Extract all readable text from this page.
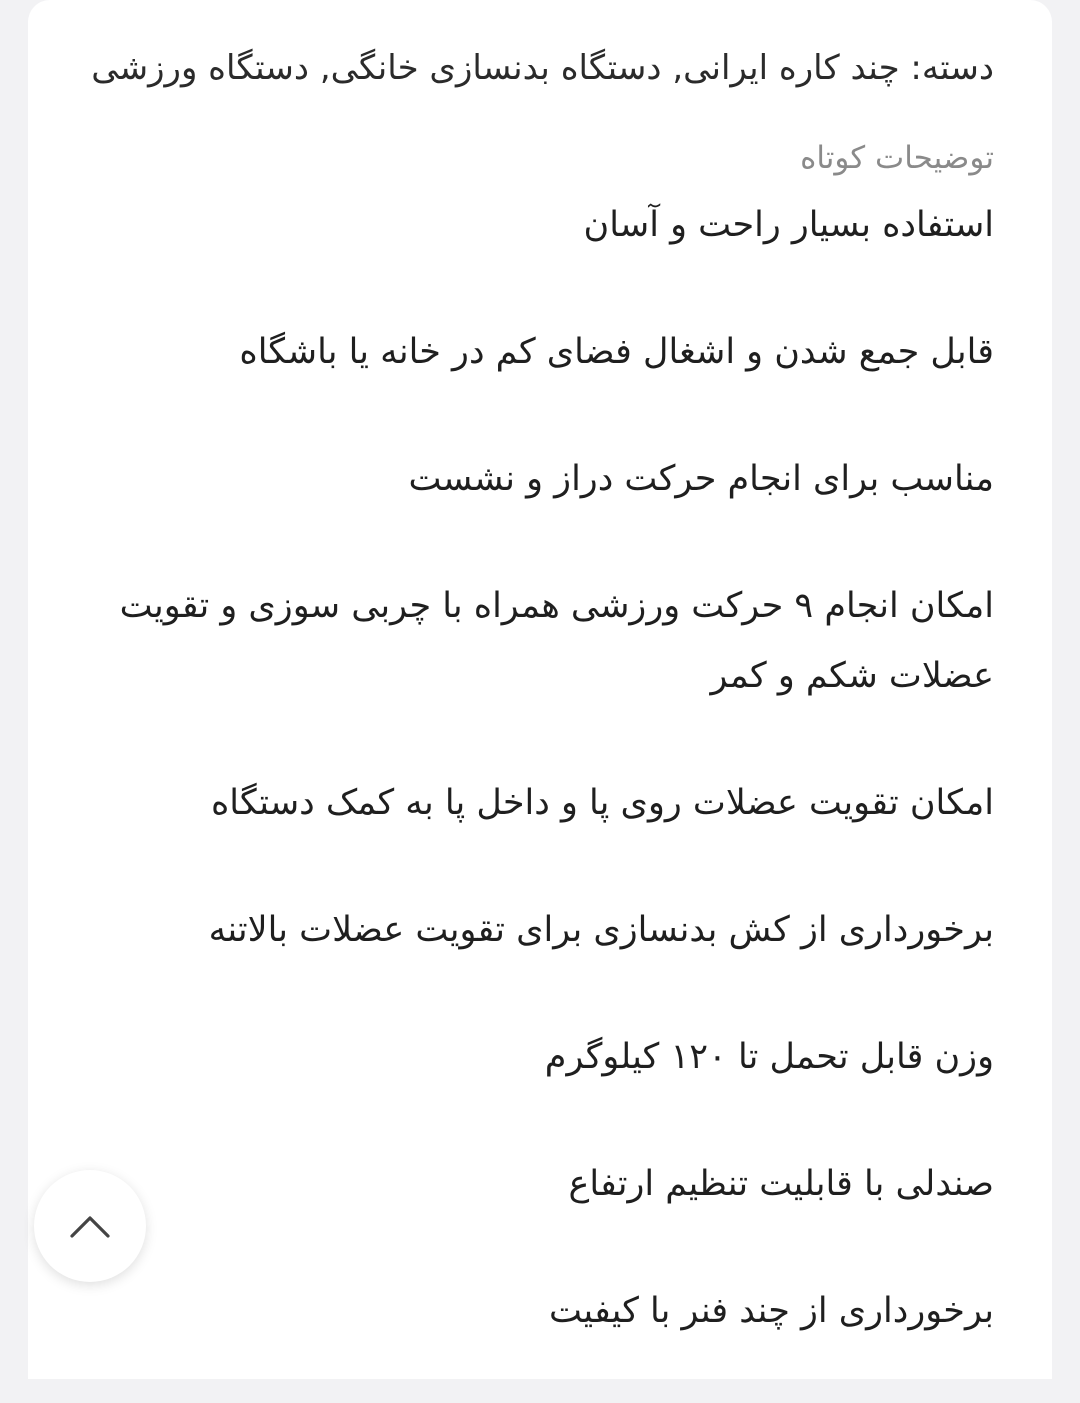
دسته: چند کاره ایرانی, دستگاه بدنسازی خانگی, دستگاه ورزشی
توضیحات کوتاه
استفاده بسیار راحت و آسان
قابل جمع شدن و اشغال فضای کم در خانه یا باشگاه
مناسب برای انجام حرکت دراز و نشست
امکان انجام ۹ حرکت ورزشی همراه با چربی سوزی و تقویت عضلات شکم و کمر
امکان تقویت عضلات روی پا و داخل پا به کمک دستگاه
برخورداری از کش بدنسازی برای تقویت عضلات بالاتنه
وزن قابل تحمل تا ۱۲۰ کیلوگرم
صندلی با قابلیت تنظیم ارتفاع
برخورداری از چند فنر با کیفیت
